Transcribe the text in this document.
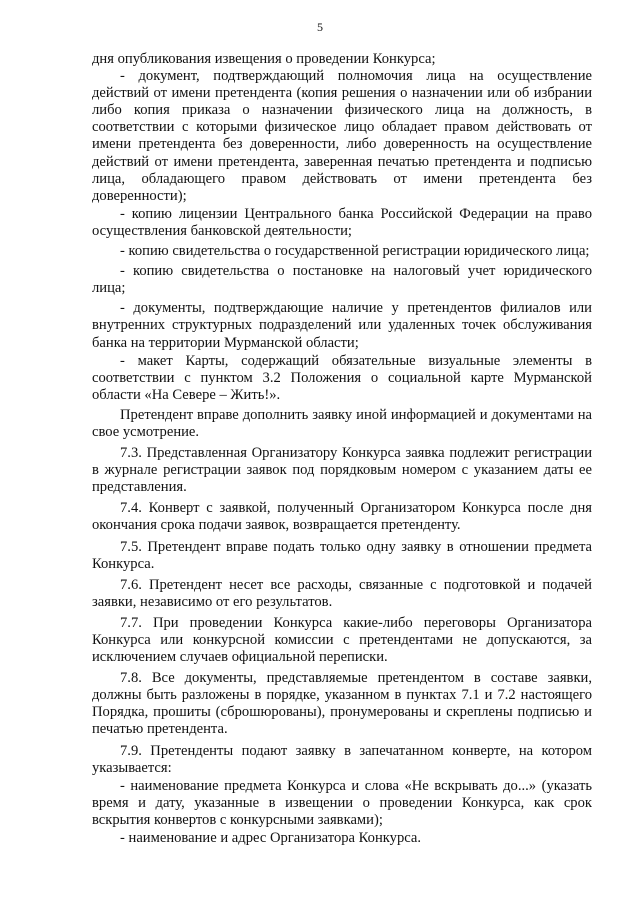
5

дня опубликования извещения о проведении Конкурса;

- документ, подтверждающий полномочия лица на осуществление действий от имени претендента (копия решения о назначении или об избрании либо копия приказа о назначении физического лица на должность, в соответствии с которыми физическое лицо обладает правом действовать от имени претендента без доверенности, либо доверенность на осуществление действий от имени претендента, заверенная печатью претендента и подписью лица, обладающего правом действовать от имени претендента без доверенности);

- копию лицензии Центрального банка Российской Федерации на право осуществления банковской деятельности;

- копию свидетельства о государственной регистрации юридического лица;

- копию свидетельства о постановке на налоговый учет юридического лица;

- документы, подтверждающие наличие у претендентов филиалов или внутренних структурных подразделений или удаленных точек обслуживания банка на территории Мурманской области;

- макет Карты, содержащий обязательные визуальные элементы в соответствии с пунктом 3.2 Положения о социальной карте Мурманской области «На Севере – Жить!».

Претендент вправе дополнить заявку иной информацией и документами на свое усмотрение.

7.3. Представленная Организатору Конкурса заявка подлежит регистрации в журнале регистрации заявок под порядковым номером с указанием даты ее представления.

7.4. Конверт с заявкой, полученный Организатором Конкурса после дня окончания срока подачи заявок, возвращается претенденту.

7.5. Претендент вправе подать только одну заявку в отношении предмета Конкурса.

7.6. Претендент несет все расходы, связанные с подготовкой и подачей заявки, независимо от его результатов.

7.7. При проведении Конкурса какие-либо переговоры Организатора Конкурса или конкурсной комиссии с претендентами не допускаются, за исключением случаев официальной переписки.

7.8. Все документы, представляемые претендентом в составе заявки, должны быть разложены в порядке, указанном в пунктах 7.1 и 7.2 настоящего Порядка, прошиты (сброшюрованы), пронумерованы и скреплены подписью и печатью претендента.

7.9. Претенденты подают заявку в запечатанном конверте, на котором указывается:

- наименование предмета Конкурса и слова «Не вскрывать до...» (указать время и дату, указанные в извещении о проведении Конкурса, как срок вскрытия конвертов с конкурсными заявками);

- наименование и адрес Организатора Конкурса.
